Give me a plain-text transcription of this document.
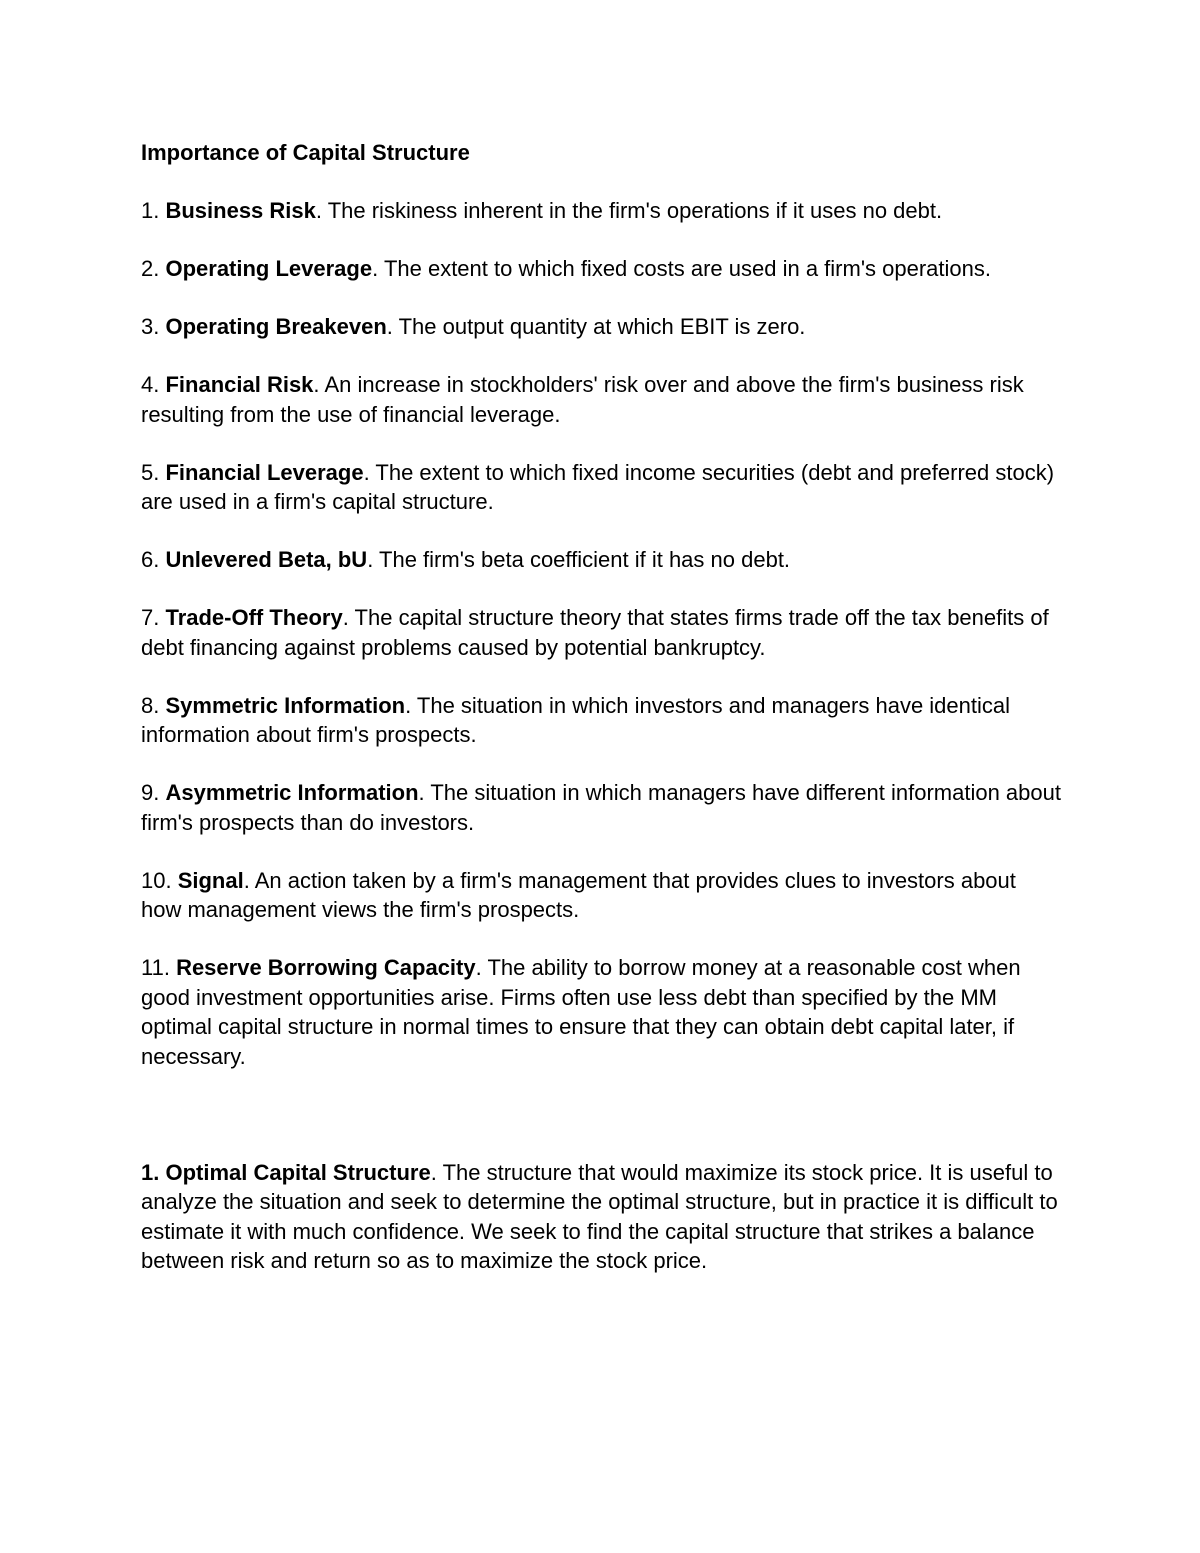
Importance of Capital Structure
1. Business Risk. The riskiness inherent in the firm's operations if it uses no debt.
2. Operating Leverage. The extent to which fixed costs are used in a firm's operations.
3. Operating Breakeven. The output quantity at which EBIT is zero.
4. Financial Risk. An increase in stockholders' risk over and above the firm's business risk resulting from the use of financial leverage.
5. Financial Leverage. The extent to which fixed income securities (debt and preferred stock) are used in a firm's capital structure.
6. Unlevered Beta, bU. The firm's beta coefficient if it has no debt.
7. Trade-Off Theory. The capital structure theory that states firms trade off the tax benefits of debt financing against problems caused by potential bankruptcy.
8. Symmetric Information. The situation in which investors and managers have identical information about firm's prospects.
9. Asymmetric Information. The situation in which managers have different information about firm's prospects than do investors.
10. Signal. An action taken by a firm's management that provides clues to investors about how management views the firm's prospects.
11. Reserve Borrowing Capacity. The ability to borrow money at a reasonable cost when good investment opportunities arise. Firms often use less debt than specified by the MM optimal capital structure in normal times to ensure that they can obtain debt capital later, if necessary.
1. Optimal Capital Structure. The structure that would maximize its stock price. It is useful to analyze the situation and seek to determine the optimal structure, but in practice it is difficult to estimate it with much confidence. We seek to find the capital structure that strikes a balance between risk and return so as to maximize the stock price.
